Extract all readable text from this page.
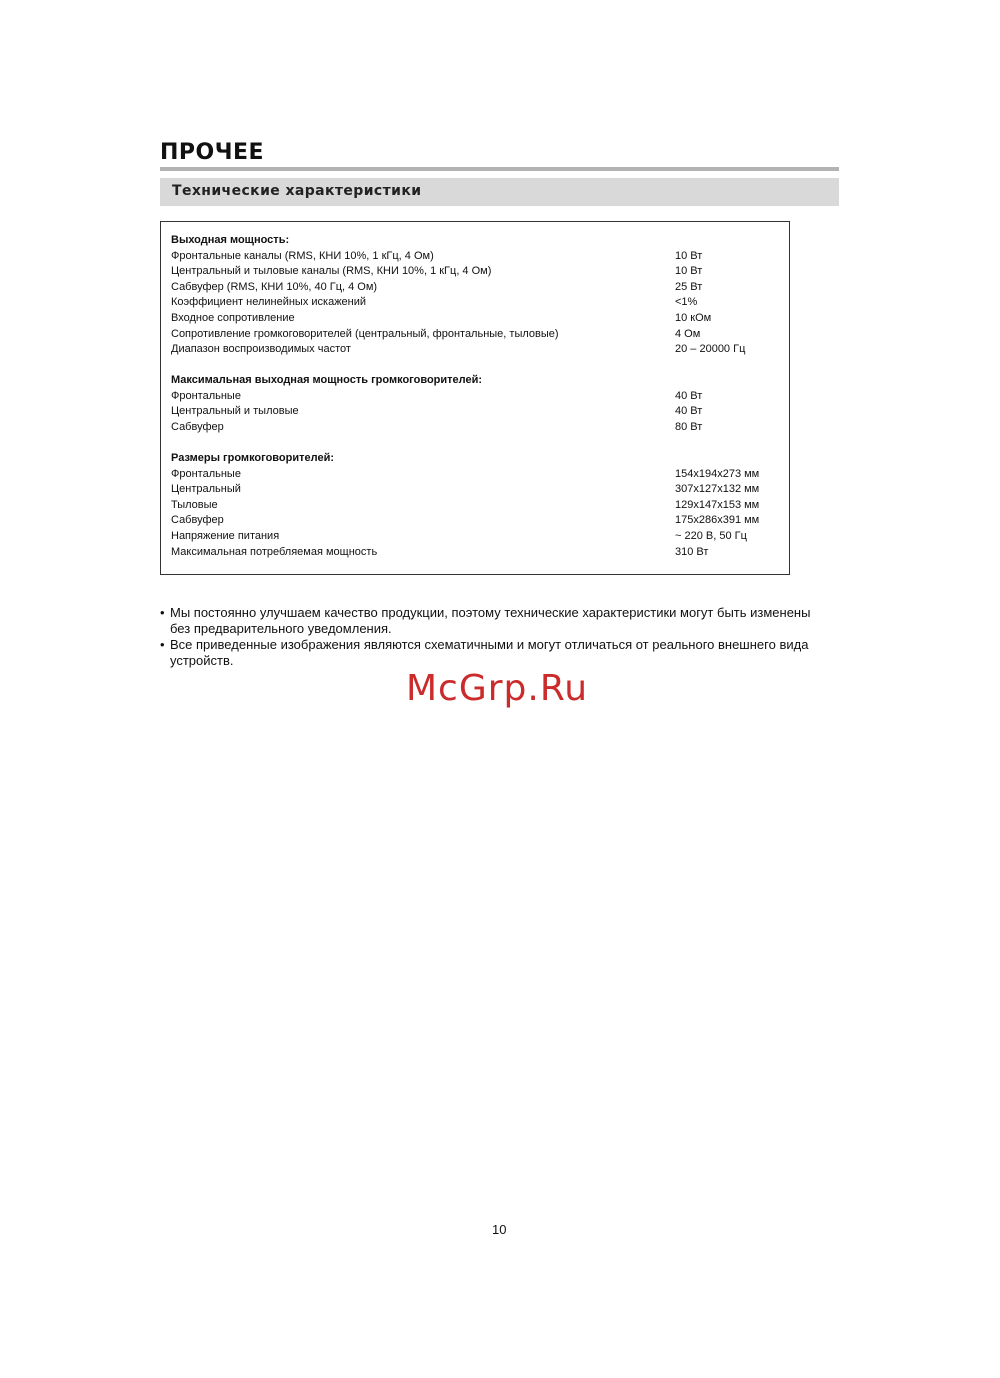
ПРОЧЕЕ
Технические характеристики
Выходная мощность:
Фронтальные каналы (RMS, КНИ 10%, 1 кГц, 4 Ом)	10 Вт
Центральный и тыловые каналы (RMS, КНИ 10%, 1 кГц, 4 Ом)	10 Вт
Сабвуфер (RMS, КНИ 10%, 40 Гц, 4 Ом)	25 Вт
Коэффициент нелинейных искажений	<1%
Входное сопротивление	10 кОм
Сопротивление громкоговорителей (центральный, фронтальные, тыловые)	4 Ом
Диапазон воспроизводимых частот	20 – 20000 Гц
Максимальная выходная мощность громкоговорителей:
Фронтальные	40 Вт
Центральный и тыловые	40 Вт
Сабвуфер	80 Вт
Размеры громкоговорителей:
Фронтальные	154x194x273 мм
Центральный	307x127x132 мм
Тыловые	129x147x153 мм
Сабвуфер	175x286x391 мм
Напряжение питания	~ 220 В, 50 Гц
Максимальная потребляемая мощность	310 Вт
• Мы постоянно улучшаем качество продукции, поэтому технические характеристики могут быть изменены без предварительного уведомления.
• Все приведенные изображения являются схематичными и могут отличаться от реального внешнего вида устройств.
McGrp.Ru
10
